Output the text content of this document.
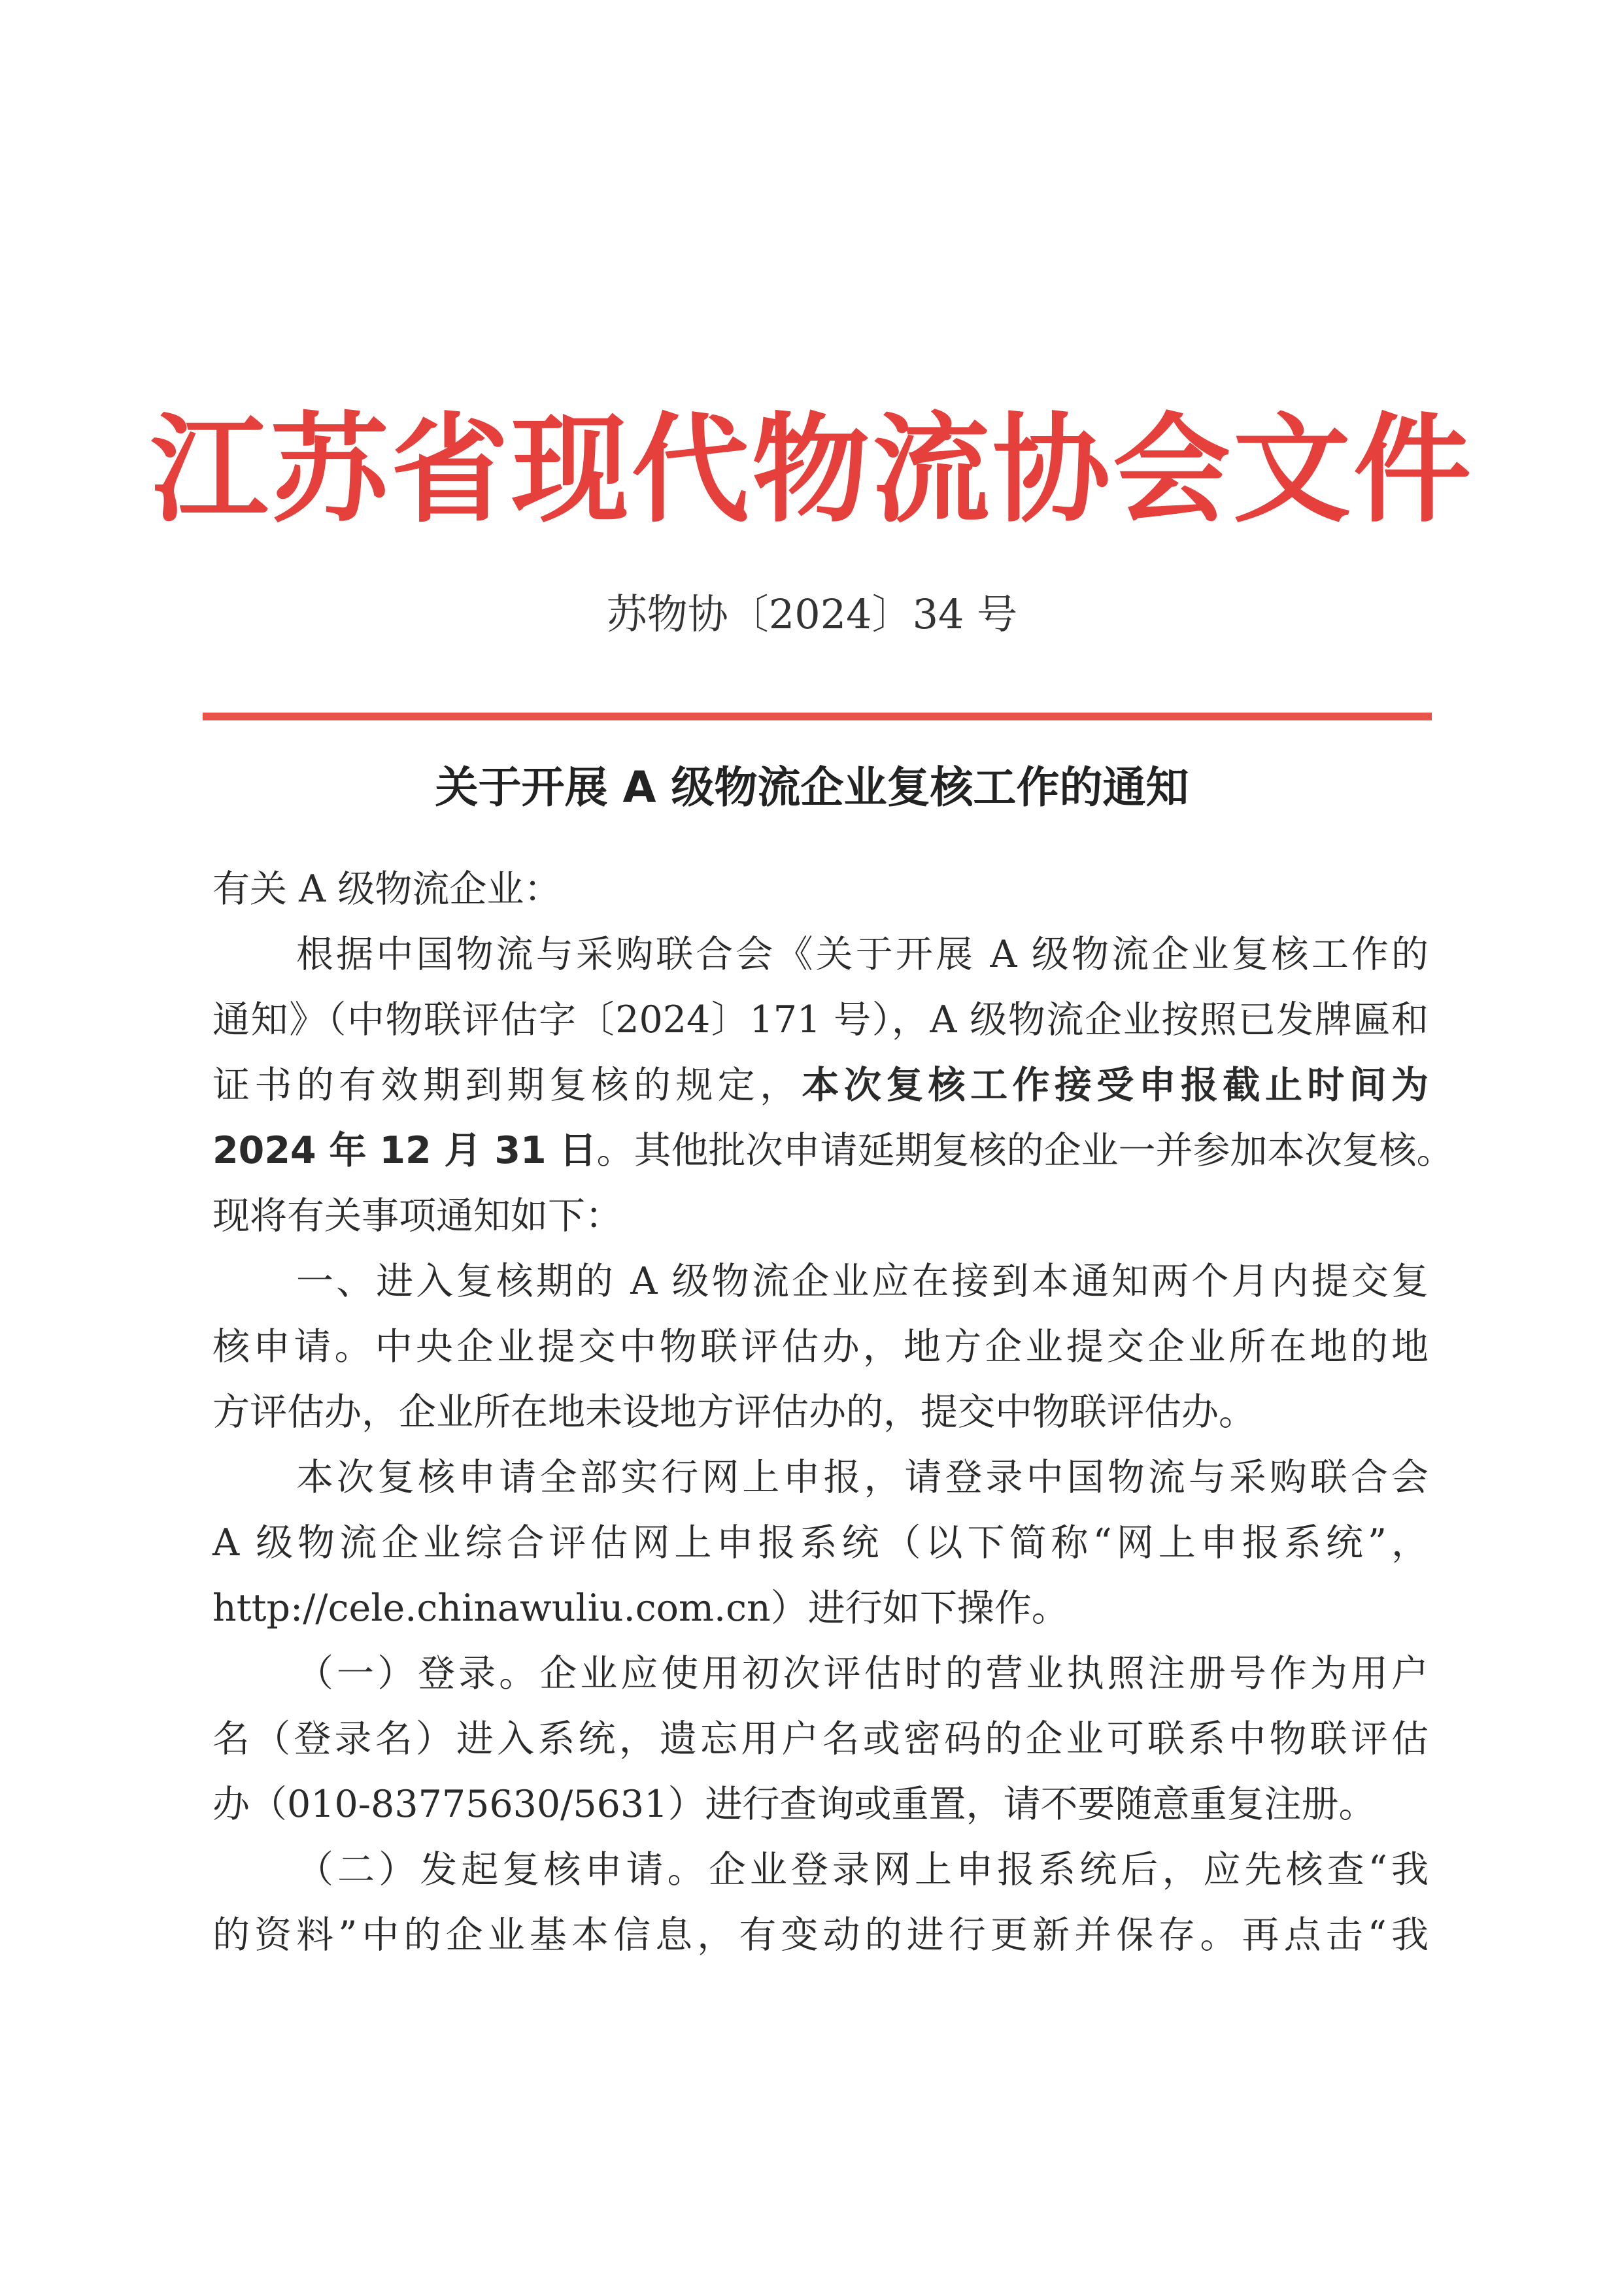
江苏省现代物流协会文件
苏物协〔2024〕34 号
关于开展 A 级物流企业复核工作的通知
有关 A 级物流企业：
根据中国物流与采购联合会《关于开展 A 级物流企业复核工作的
通知》（中物联评估字〔2024〕171 号），A 级物流企业按照已发牌匾和
证书的有效期到期复核的规定，本次复核工作接受申报截止时间为
2024 年 12 月 31 日。其他批次申请延期复核的企业一并参加本次复核。
现将有关事项通知如下：
一、进入复核期的 A 级物流企业应在接到本通知两个月内提交复
核申请。中央企业提交中物联评估办，地方企业提交企业所在地的地
方评估办，企业所在地未设地方评估办的，提交中物联评估办。
本次复核申请全部实行网上申报，请登录中国物流与采购联合会
A 级物流企业综合评估网上申报系统（以下简称“网上申报系统”，
http://cele.chinawuliu.com.cn）进行如下操作。
（一）登录。企业应使用初次评估时的营业执照注册号作为用户
名（登录名）进入系统，遗忘用户名或密码的企业可联系中物联评估
办（010-83775630/5631）进行查询或重置，请不要随意重复注册。
（二）发起复核申请。企业登录网上申报系统后，应先核查“我
的资料”中的企业基本信息，有变动的进行更新并保存。再点击“我
